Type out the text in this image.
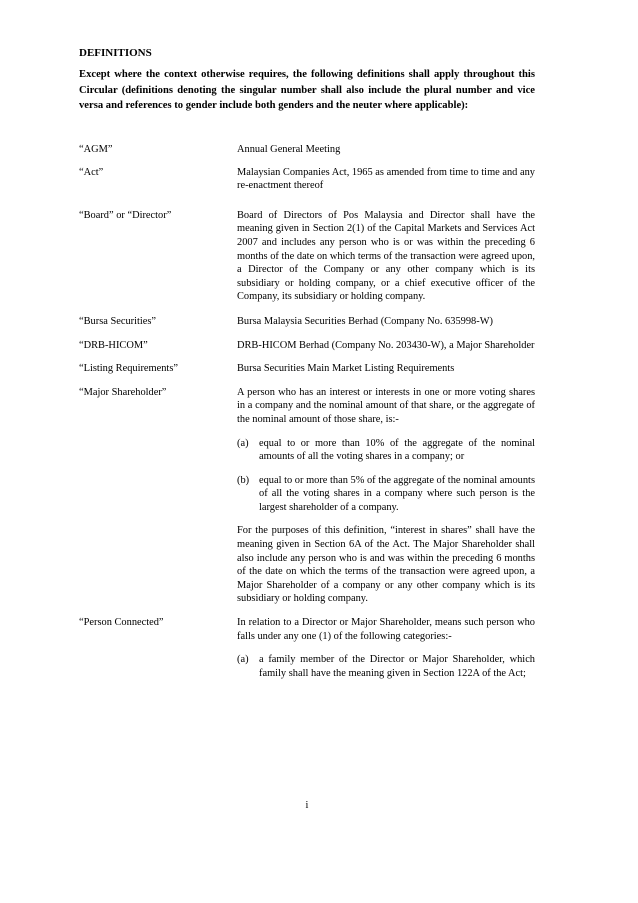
DEFINITIONS
Except where the context otherwise requires, the following definitions shall apply throughout this Circular (definitions denoting the singular number shall also include the plural number and vice versa and references to gender include both genders and the neuter where applicable):
“AGM”	Annual General Meeting

“Act”	Malaysian Companies Act, 1965 as amended from time to time and any re-enactment thereof

“Board” or “Director”	Board of Directors of Pos Malaysia and Director shall have the meaning given in Section 2(1) of the Capital Markets and Services Act 2007 and includes any person who is or was within the preceding 6 months of the date on which terms of the transaction were agreed upon, a Director of the Company or any other company which is its subsidiary or holding company, or a chief executive officer of the Company, its subsidiary or holding company.

“Bursa Securities”	Bursa Malaysia Securities Berhad (Company No. 635998-W)

“DRB-HICOM”	DRB-HICOM Berhad (Company No. 203430-W), a Major Shareholder

“Listing Requirements”	Bursa Securities Main Market Listing Requirements

“Major Shareholder”	A person who has an interest or interests in one or more voting shares in a company and the nominal amount of that share, or the aggregate of the nominal amount of those share, is:-

(a)	equal to or more than 10% of the aggregate of the nominal amounts of all the voting shares in a company; or
(b) equal to or more than 5% of the aggregate of the nominal amounts of all the voting shares in a company where such person is the largest shareholder of a company.

For the purposes of this definition, “interest in shares” shall have the meaning given in Section 6A of the Act. The Major Shareholder shall also include any person who is and was within the preceding 6 months of the date on which the terms of the transaction were agreed upon, a Major Shareholder of a company or any other company which is its subsidiary or holding company.

“Person Connected”	In relation to a Director or Major Shareholder, means such person who falls under any one (1) of the following categories:-

(a)	a family member of the Director or Major Shareholder, which family shall have the meaning given in Section 122A of the Act;
i
